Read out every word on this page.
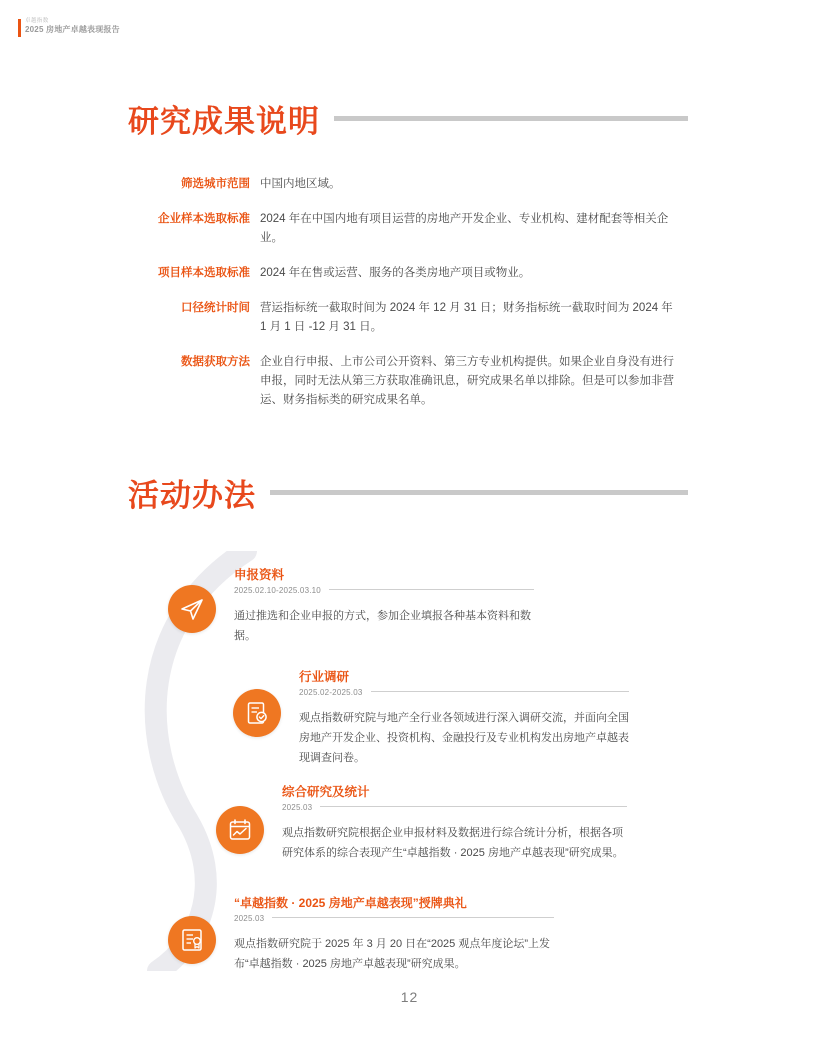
卓越指数
2025 房地产卓越表现报告
研究成果说明
筛选城市范围 中国内地区域。
企业样本选取标准 2024 年在中国内地有项目运营的房地产开发企业、专业机构、建材配套等相关企业。
项目样本选取标准 2024 年在售或运营、服务的各类房地产项目或物业。
口径统计时间 营运指标统一截取时间为 2024 年 12 月 31 日；财务指标统一截取时间为 2024 年 1 月 1 日 -12 月 31 日。
数据获取方法 企业自行申报、上市公司公开资料、第三方专业机构提供。如果企业自身没有进行申报，同时无法从第三方获取准确讯息，研究成果名单以排除。但是可以参加非营运、财务指标类的研究成果名单。
活动办法
申报资料
2025.02.10-2025.03.10
通过推选和企业申报的方式，参加企业填报各种基本资料和数据。
行业调研
2025.02-2025.03
观点指数研究院与地产全行业各领域进行深入调研交流，并面向全国房地产开发企业、投资机构、金融投行及专业机构发出房地产卓越表现调查问卷。
综合研究及统计
2025.03
观点指数研究院根据企业申报材料及数据进行综合统计分析，根据各项研究体系的综合表现产生“卓越指数 · 2025 房地产卓越表现”研究成果。
“卓越指数 · 2025 房地产卓越表现”授牌典礼
2025.03
观点指数研究院于 2025 年 3 月 20 日在“2025 观点年度论坛”上发布“卓越指数 · 2025 房地产卓越表现”研究成果。
12
